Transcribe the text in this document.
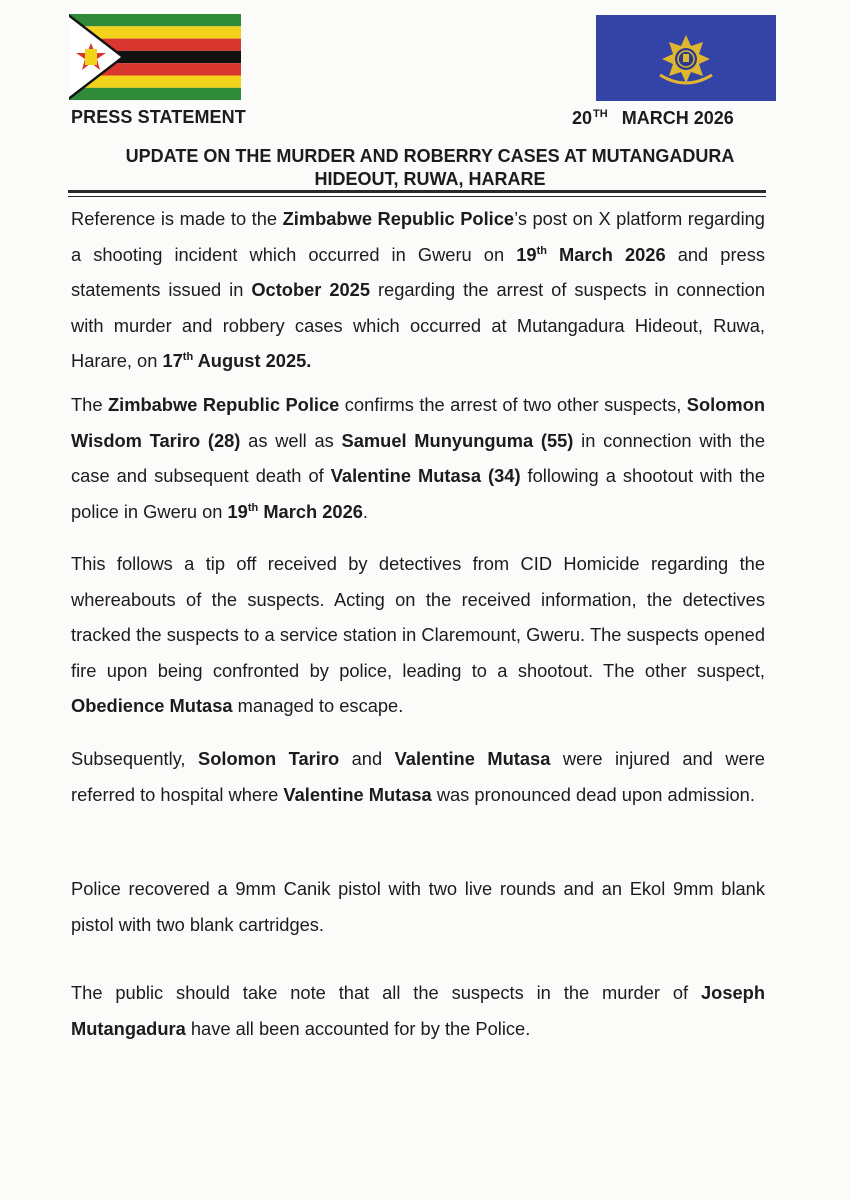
PRESS STATEMENT	20TH MARCH 2026
UPDATE ON THE MURDER AND ROBERRY CASES AT MUTANGADURA
HIDEOUT, RUWA, HARARE
Reference is made to the Zimbabwe Republic Police’s post on X platform regarding a shooting incident which occurred in Gweru on 19th March 2026 and press statements issued in October 2025 regarding the arrest of suspects in connection with murder and robbery cases which occurred at Mutangadura Hideout, Ruwa, Harare, on 17th August 2025.
The Zimbabwe Republic Police confirms the arrest of two other suspects, Solomon Wisdom Tariro (28) as well as Samuel Munyunguma (55) in connection with the case and subsequent death of Valentine Mutasa (34) following a shootout with the police in Gweru on 19th March 2026.
This follows a tip off received by detectives from CID Homicide regarding the whereabouts of the suspects. Acting on the received information, the detectives tracked the suspects to a service station in Claremount, Gweru. The suspects opened fire upon being confronted by police, leading to a shootout. The other suspect, Obedience Mutasa managed to escape.
Subsequently, Solomon Tariro and Valentine Mutasa were injured and were referred to hospital where Valentine Mutasa was pronounced dead upon admission.
Police recovered a 9mm Canik pistol with two live rounds and an Ekol 9mm blank pistol with two blank cartridges.
The public should take note that all the suspects in the murder of Joseph Mutangadura have all been accounted for by the Police.
